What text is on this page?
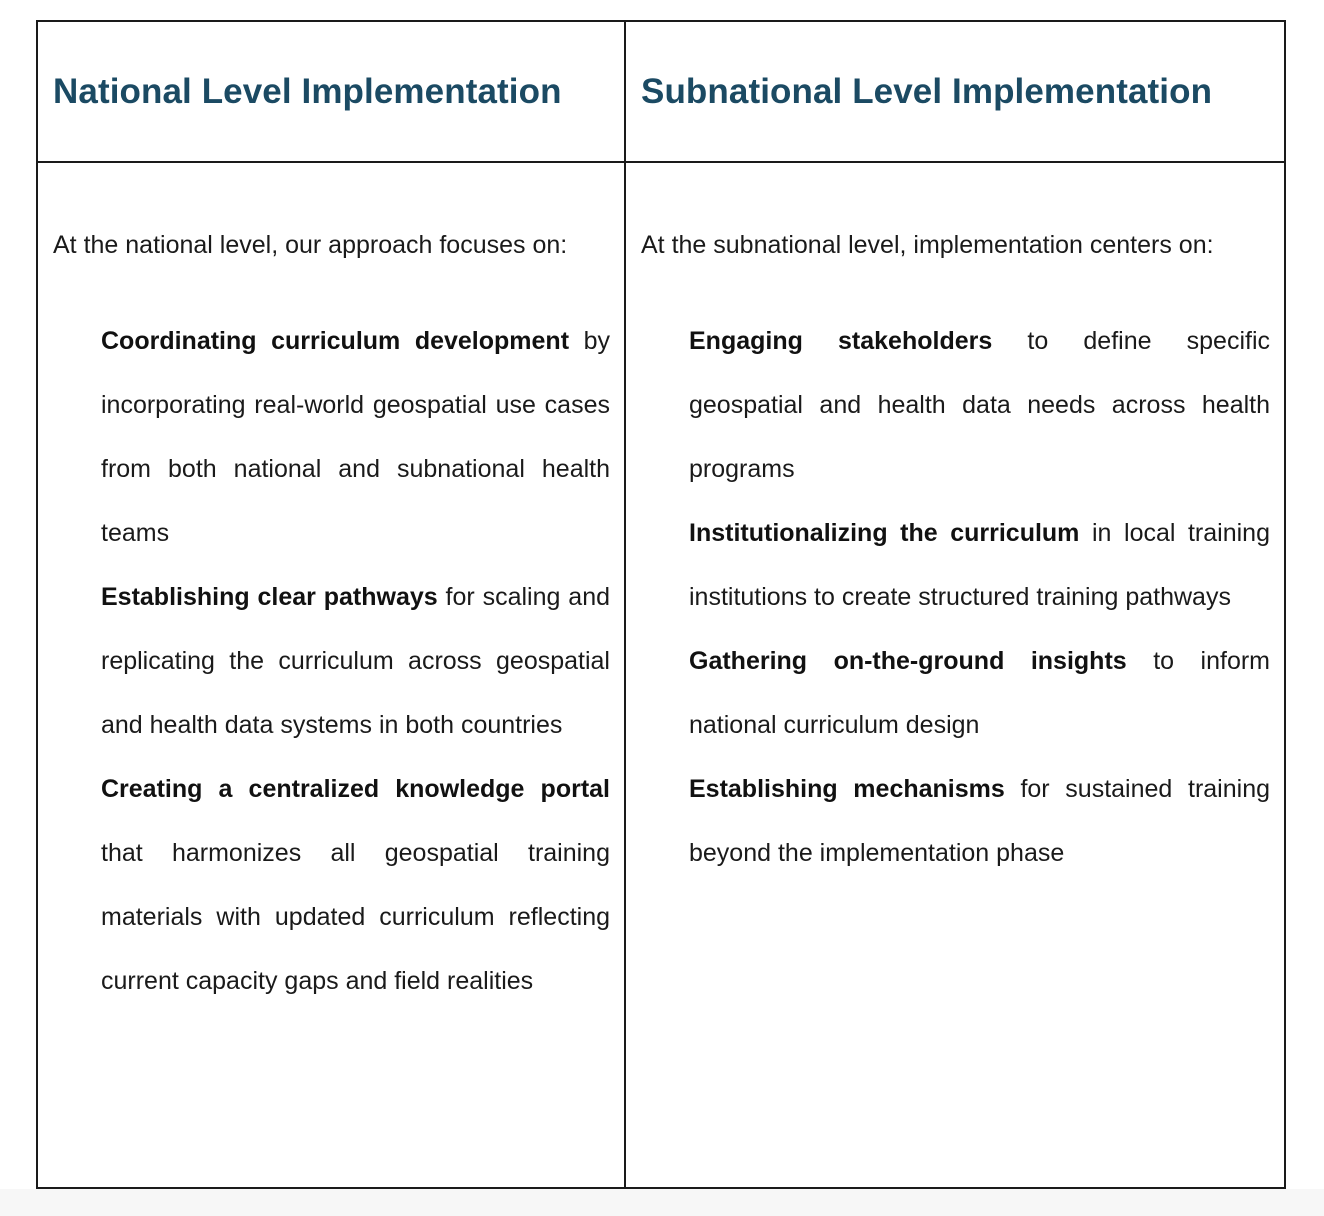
National Level Implementation Subnational Level Implementation

At the national level, our approach focuses on:

Coordinating curriculum development by incorporating real-world geospatial use cases from both national and subnational health teams
Establishing clear pathways for scaling and replicating the curriculum across geospatial and health data systems in both countries
Creating a centralized knowledge portal that harmonizes all geospatial training materials with updated curriculum reflecting current capacity gaps and field realities

At the subnational level, implementation centers on:

Engaging stakeholders to define specific geospatial and health data needs across health programs
Institutionalizing the curriculum in local training institutions to create structured training pathways
Gathering on-the-ground insights to inform national curriculum design
Establishing mechanisms for sustained training beyond the implementation phase
